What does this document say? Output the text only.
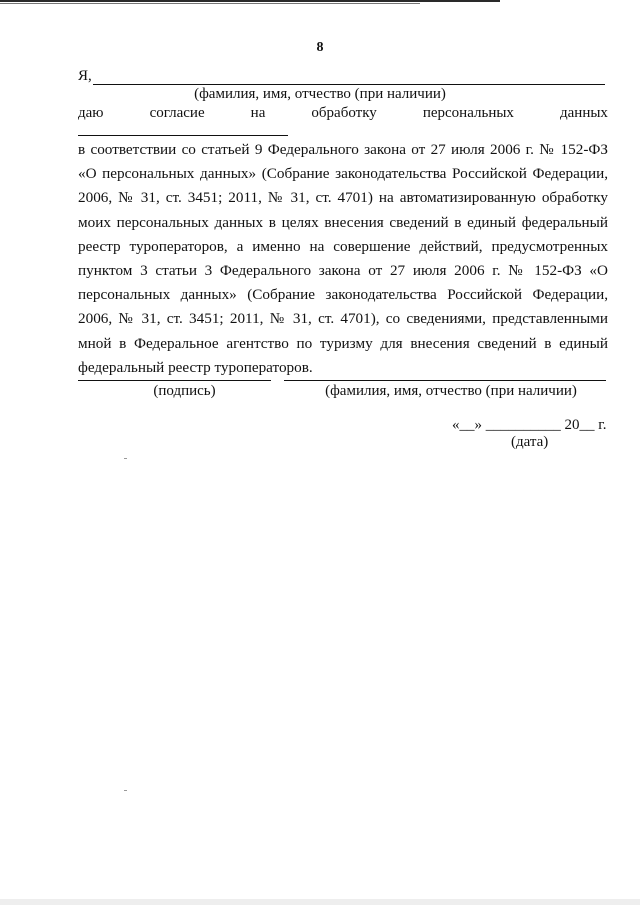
8
Я,
(фамилия, имя, отчество (при наличии)
даю	согласие	на	обработку	персональных	данных

в соответствии со статьей 9 Федерального закона от 27 июля 2006 г. № 152-ФЗ «О персональных данных» (Собрание законодательства Российской Федерации, 2006, № 31, ст. 3451; 2011, № 31, ст. 4701) на автоматизированную обработку моих персональных данных в целях внесения сведений в единый федеральный реестр туроператоров, а именно на совершение действий, предусмотренных пунктом 3 статьи 3 Федерального закона от 27 июля 2006 г. № 152-ФЗ «О персональных данных» (Собрание законодательства Российской Федерации, 2006, № 31, ст. 3451; 2011, № 31, ст. 4701), со сведениями, представленными мной в Федеральное агентство по туризму для внесения сведений в единый федеральный реестр туроператоров.

(подпись)	(фамилия, имя, отчество (при наличии)
«__» __________ 20__ г.
(дата)
